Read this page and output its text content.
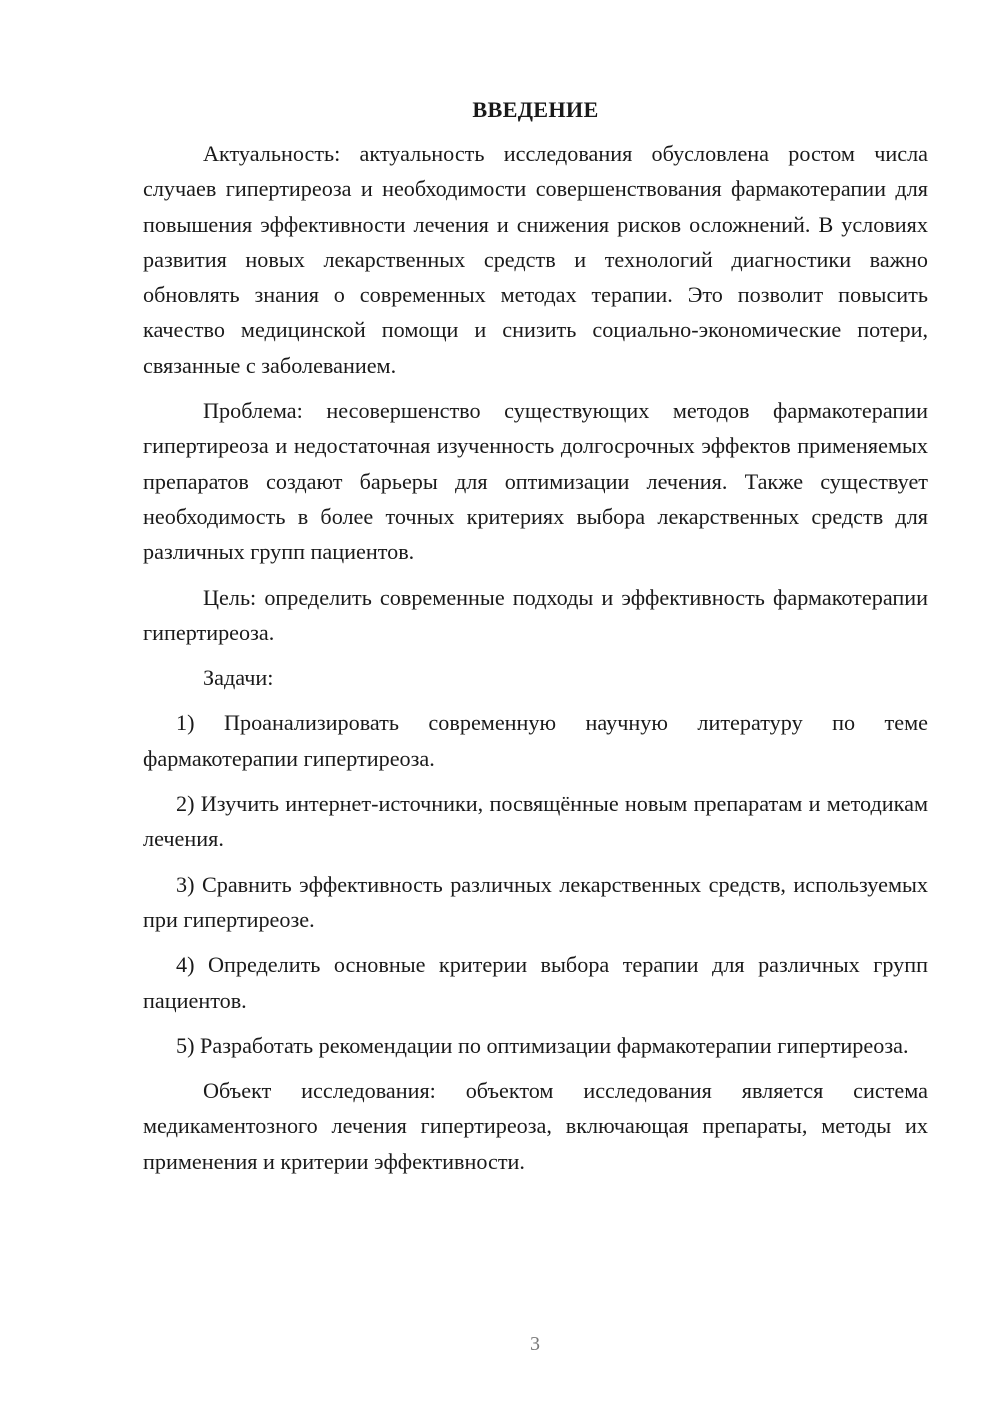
ВВЕДЕНИЕ

Актуальность: актуальность исследования обусловлена ростом числа случаев гипертиреоза и необходимости совершенствования фармакотерапии для повышения эффективности лечения и снижения рисков осложнений. В условиях развития новых лекарственных средств и технологий диагностики важно обновлять знания о современных методах терапии. Это позволит повысить качество медицинской помощи и снизить социально-экономические потери, связанные с заболеванием.

Проблема: несовершенство существующих методов фармакотерапии гипертиреоза и недостаточная изученность долгосрочных эффектов применяемых препаратов создают барьеры для оптимизации лечения. Также существует необходимость в более точных критериях выбора лекарственных средств для различных групп пациентов.

Цель: определить современные подходы и эффективность фармакотерапии гипертиреоза.

Задачи:

1) Проанализировать современную научную литературу по теме фармакотерапии гипертиреоза.

2) Изучить интернет-источники, посвящённые новым препаратам и методикам лечения.

3) Сравнить эффективность различных лекарственных средств, используемых при гипертиреозе.

4) Определить основные критерии выбора терапии для различных групп пациентов.

5) Разработать рекомендации по оптимизации фармакотерапии гипертиреоза.

Объект исследования: объектом исследования является система медикаментозного лечения гипертиреоза, включающая препараты, методы их применения и критерии эффективности.

3
